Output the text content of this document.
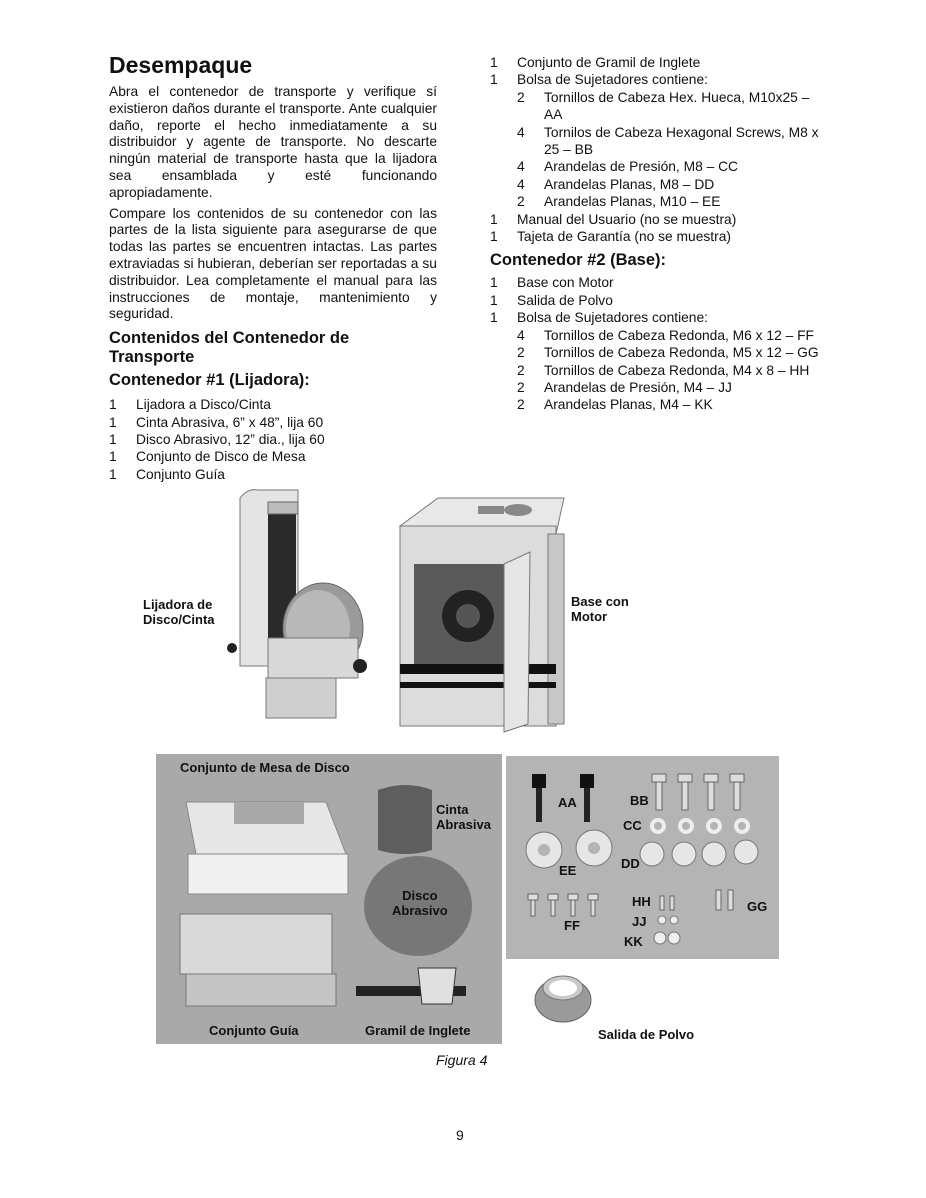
Desempaque

Abra el contenedor de transporte y verifique sí existieron daños durante el transporte. Ante cualquier daño, reporte el hecho inmediatamente a su distribuidor y agente de transporte. No descarte ningún material de transporte hasta que la lijadora sea ensamblada y esté funcionando apropiadamente.

Compare los contenidos de su contenedor con las partes de la lista siguiente para asegurarse de que todas las partes se encuentren intactas. Las partes extraviadas si hubieran, deberían ser reportadas a su distribuidor. Lea completamente el manual para las instrucciones de montaje, mantenimiento y seguridad.

Contenidos del Contenedor de Transporte
Contenedor #1 (Lijadora):
1	Lijadora a Disco/Cinta
1	Cinta Abrasiva, 6” x 48”, lija 60
1	Disco Abrasivo, 12” dia., lija 60
1	Conjunto de Disco de Mesa
1	Conjunto Guía
1	Conjunto de Gramil de Inglete
1	Bolsa de Sujetadores contiene:
2	Tornillos de Cabeza Hex. Hueca, M10x25 – AA
4	Tornilos de Cabeza Hexagonal Screws, M8 x 25 – BB
4	Arandelas de Presión, M8 – CC
4	Arandelas Planas, M8 – DD
2	Arandelas Planas, M10 – EE
1	Manual del Usuario (no se muestra)
1	Tajeta de Garantía (no se muestra)
Contenedor #2 (Base):
1	Base con Motor
1	Salida de Polvo
1	Bolsa de Sujetadores contiene:
4	Tornillos de Cabeza Redonda, M6 x 12 – FF
2	Tornillos de Cabeza Redonda, M5 x 12 – GG
2	Tornillos de Cabeza Redonda, M4 x 8 – HH
2	Arandelas de Presión, M4 – JJ
2	Arandelas Planas, M4 – KK
Lijadora de
Disco/Cinta
Base con
Motor
Conjunto de Mesa de Disco
Cinta
Abrasiva
Disco
Abrasivo
Conjunto Guía	Gramil de Inglete
AA	BB
CC
DD
EE
FF
GG
HH
JJ
KK
Salida de Polvo
Figura 4
9
